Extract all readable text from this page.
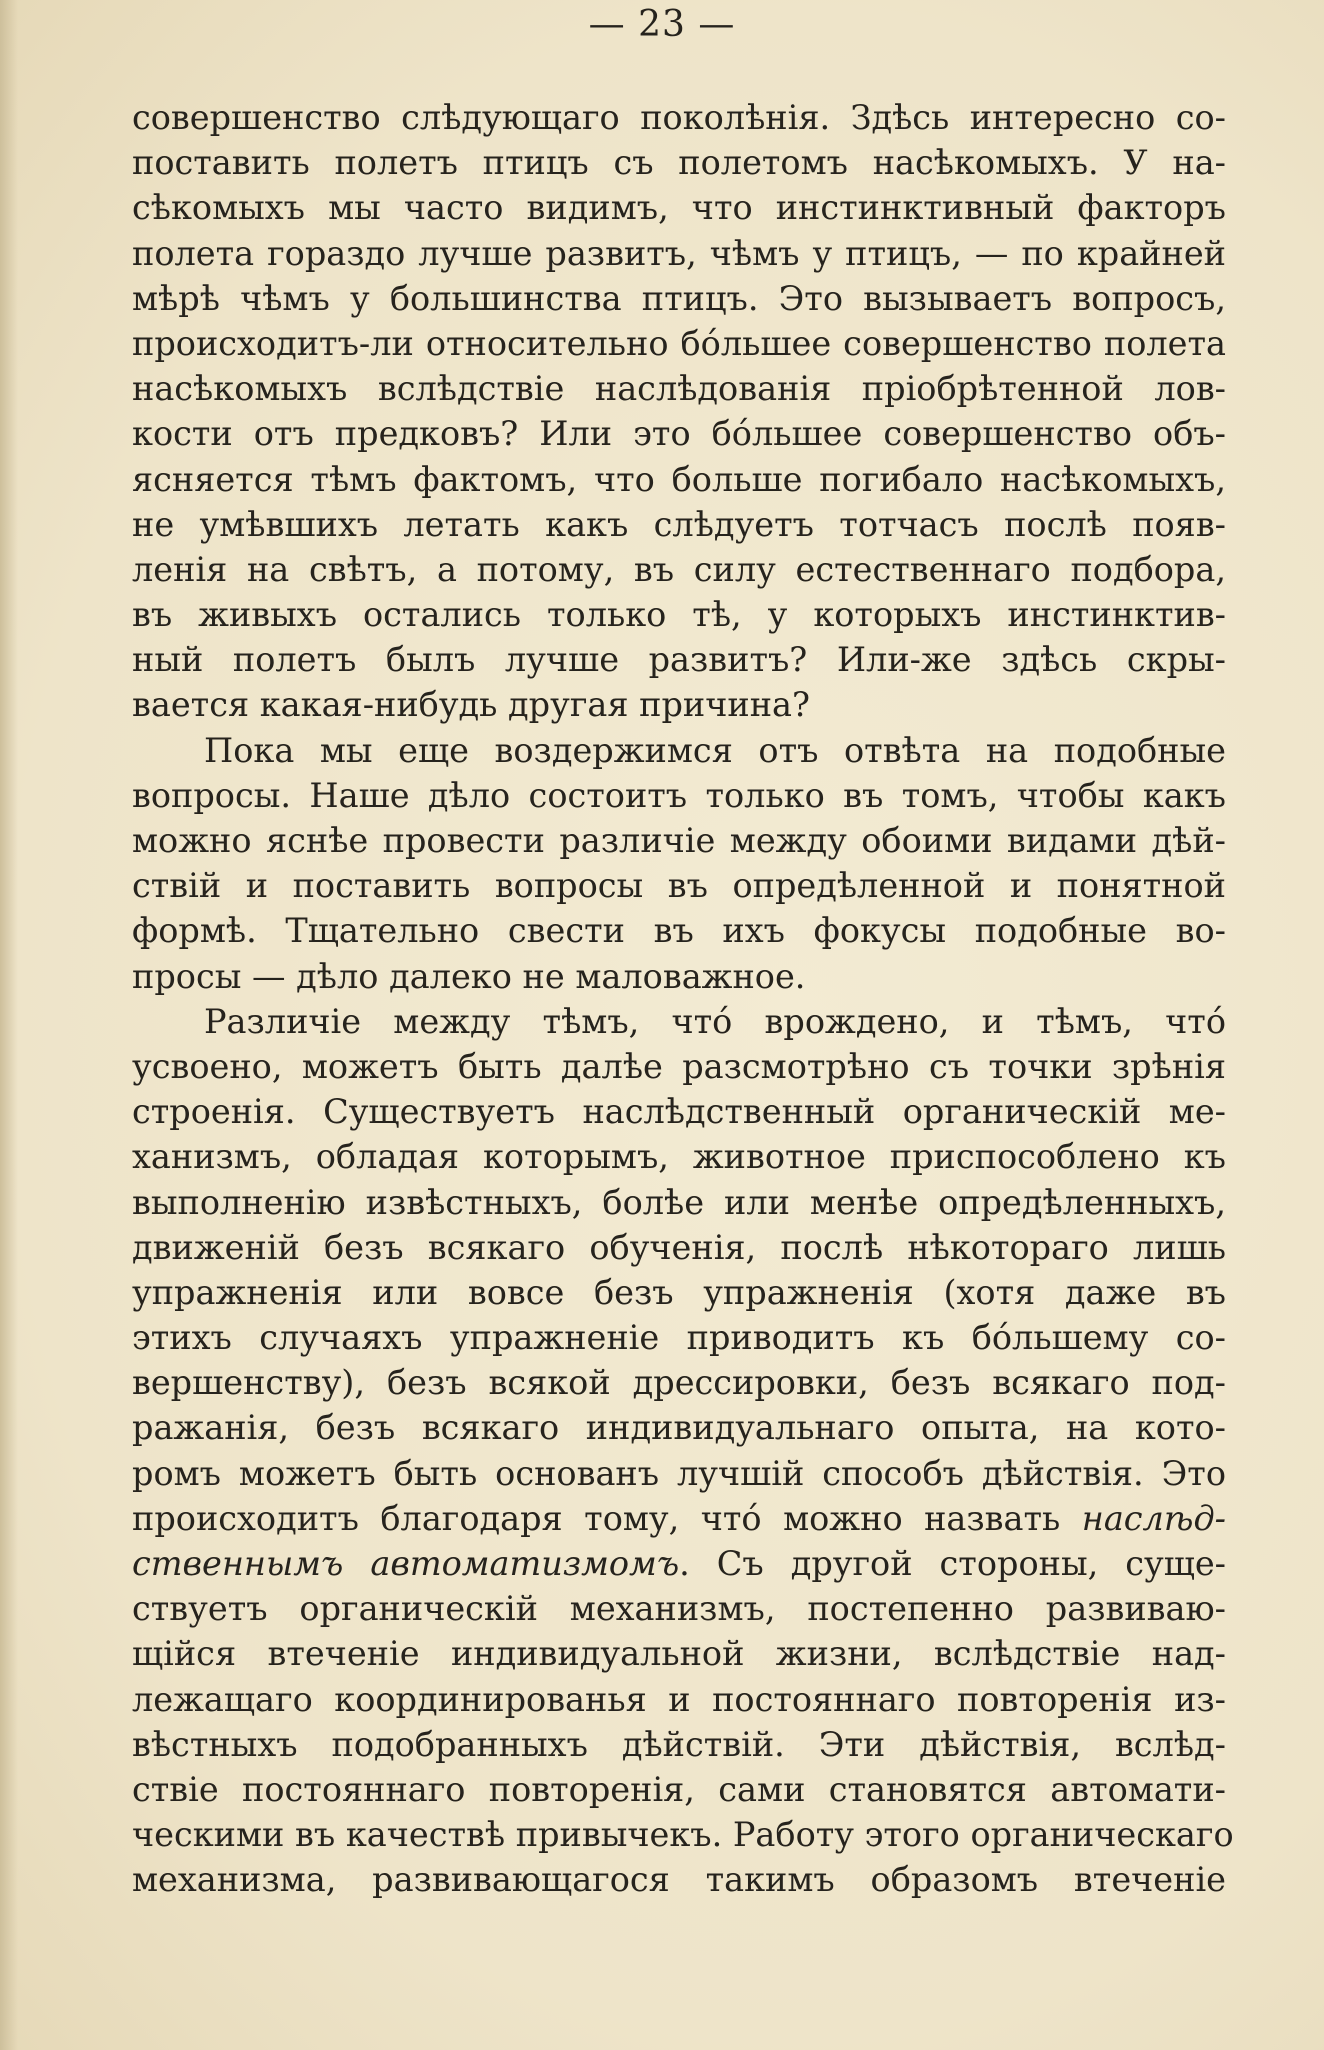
— 23 —
совершенство слѣдующаго поколѣнія. Здѣсь интересно со-
поставить полетъ птицъ съ полетомъ насѣкомыхъ. У на-
сѣкомыхъ мы часто видимъ, что инстинктивный факторъ
полета гораздо лучше развитъ, чѣмъ у птицъ, — по крайней
мѣрѣ чѣмъ у большинства птицъ. Это вызываетъ вопросъ,
происходитъ-ли относительно бо́льшее совершенство полета
насѣкомыхъ вслѣдствіе наслѣдованія пріобрѣтенной лов-
кости отъ предковъ? Или это бо́льшее совершенство объ-
ясняется тѣмъ фактомъ, что больше погибало насѣкомыхъ,
не умѣвшихъ летать какъ слѣдуетъ тотчасъ послѣ появ-
ленія на свѣтъ, а потому, въ силу естественнаго подбора,
въ живыхъ остались только тѣ, у которыхъ инстинктив-
ный полетъ былъ лучше развитъ? Или-же здѣсь скры-
вается какая-нибудь другая причина?
Пока мы еще воздержимся отъ отвѣта на подобные
вопросы. Наше дѣло состоитъ только въ томъ, чтобы какъ
можно яснѣе провести различіе между обоими видами дѣй-
ствій и поставить вопросы въ опредѣленной и понятной
формѣ. Тщательно свести въ ихъ фокусы подобные во-
просы — дѣло далеко не маловажное.
Различіе между тѣмъ, что́ врождено, и тѣмъ, что́
усвоено, можетъ быть далѣе разсмотрѣно съ точки зрѣнія
строенія. Существуетъ наслѣдственный органическій ме-
ханизмъ, обладая которымъ, животное приспособлено къ
выполненію извѣстныхъ, болѣе или менѣе опредѣленныхъ,
движеній безъ всякаго обученія, послѣ нѣкотораго лишь
упражненія или вовсе безъ упражненія (хотя даже въ
этихъ случаяхъ упражненіе приводитъ къ бо́льшему со-
вершенству), безъ всякой дрессировки, безъ всякаго под-
ражанія, безъ всякаго индивидуальнаго опыта, на кото-
ромъ можетъ быть основанъ лучшій способъ дѣйствія. Это
происходитъ благодаря тому, что́ можно назвать наслѣд-
ственнымъ автоматизмомъ. Съ другой стороны, суще-
ствуетъ органическій механизмъ, постепенно развиваю-
щійся втеченіе индивидуальной жизни, вслѣдствіе над-
лежащаго координированья и постояннаго повторенія из-
вѣстныхъ подобранныхъ дѣйствій. Эти дѣйствія, вслѣд-
ствіе постояннаго повторенія, сами становятся автомати-
ческими въ качествѣ привычекъ. Работу этого органическаго
механизма, развивающагося такимъ образомъ втеченіе
